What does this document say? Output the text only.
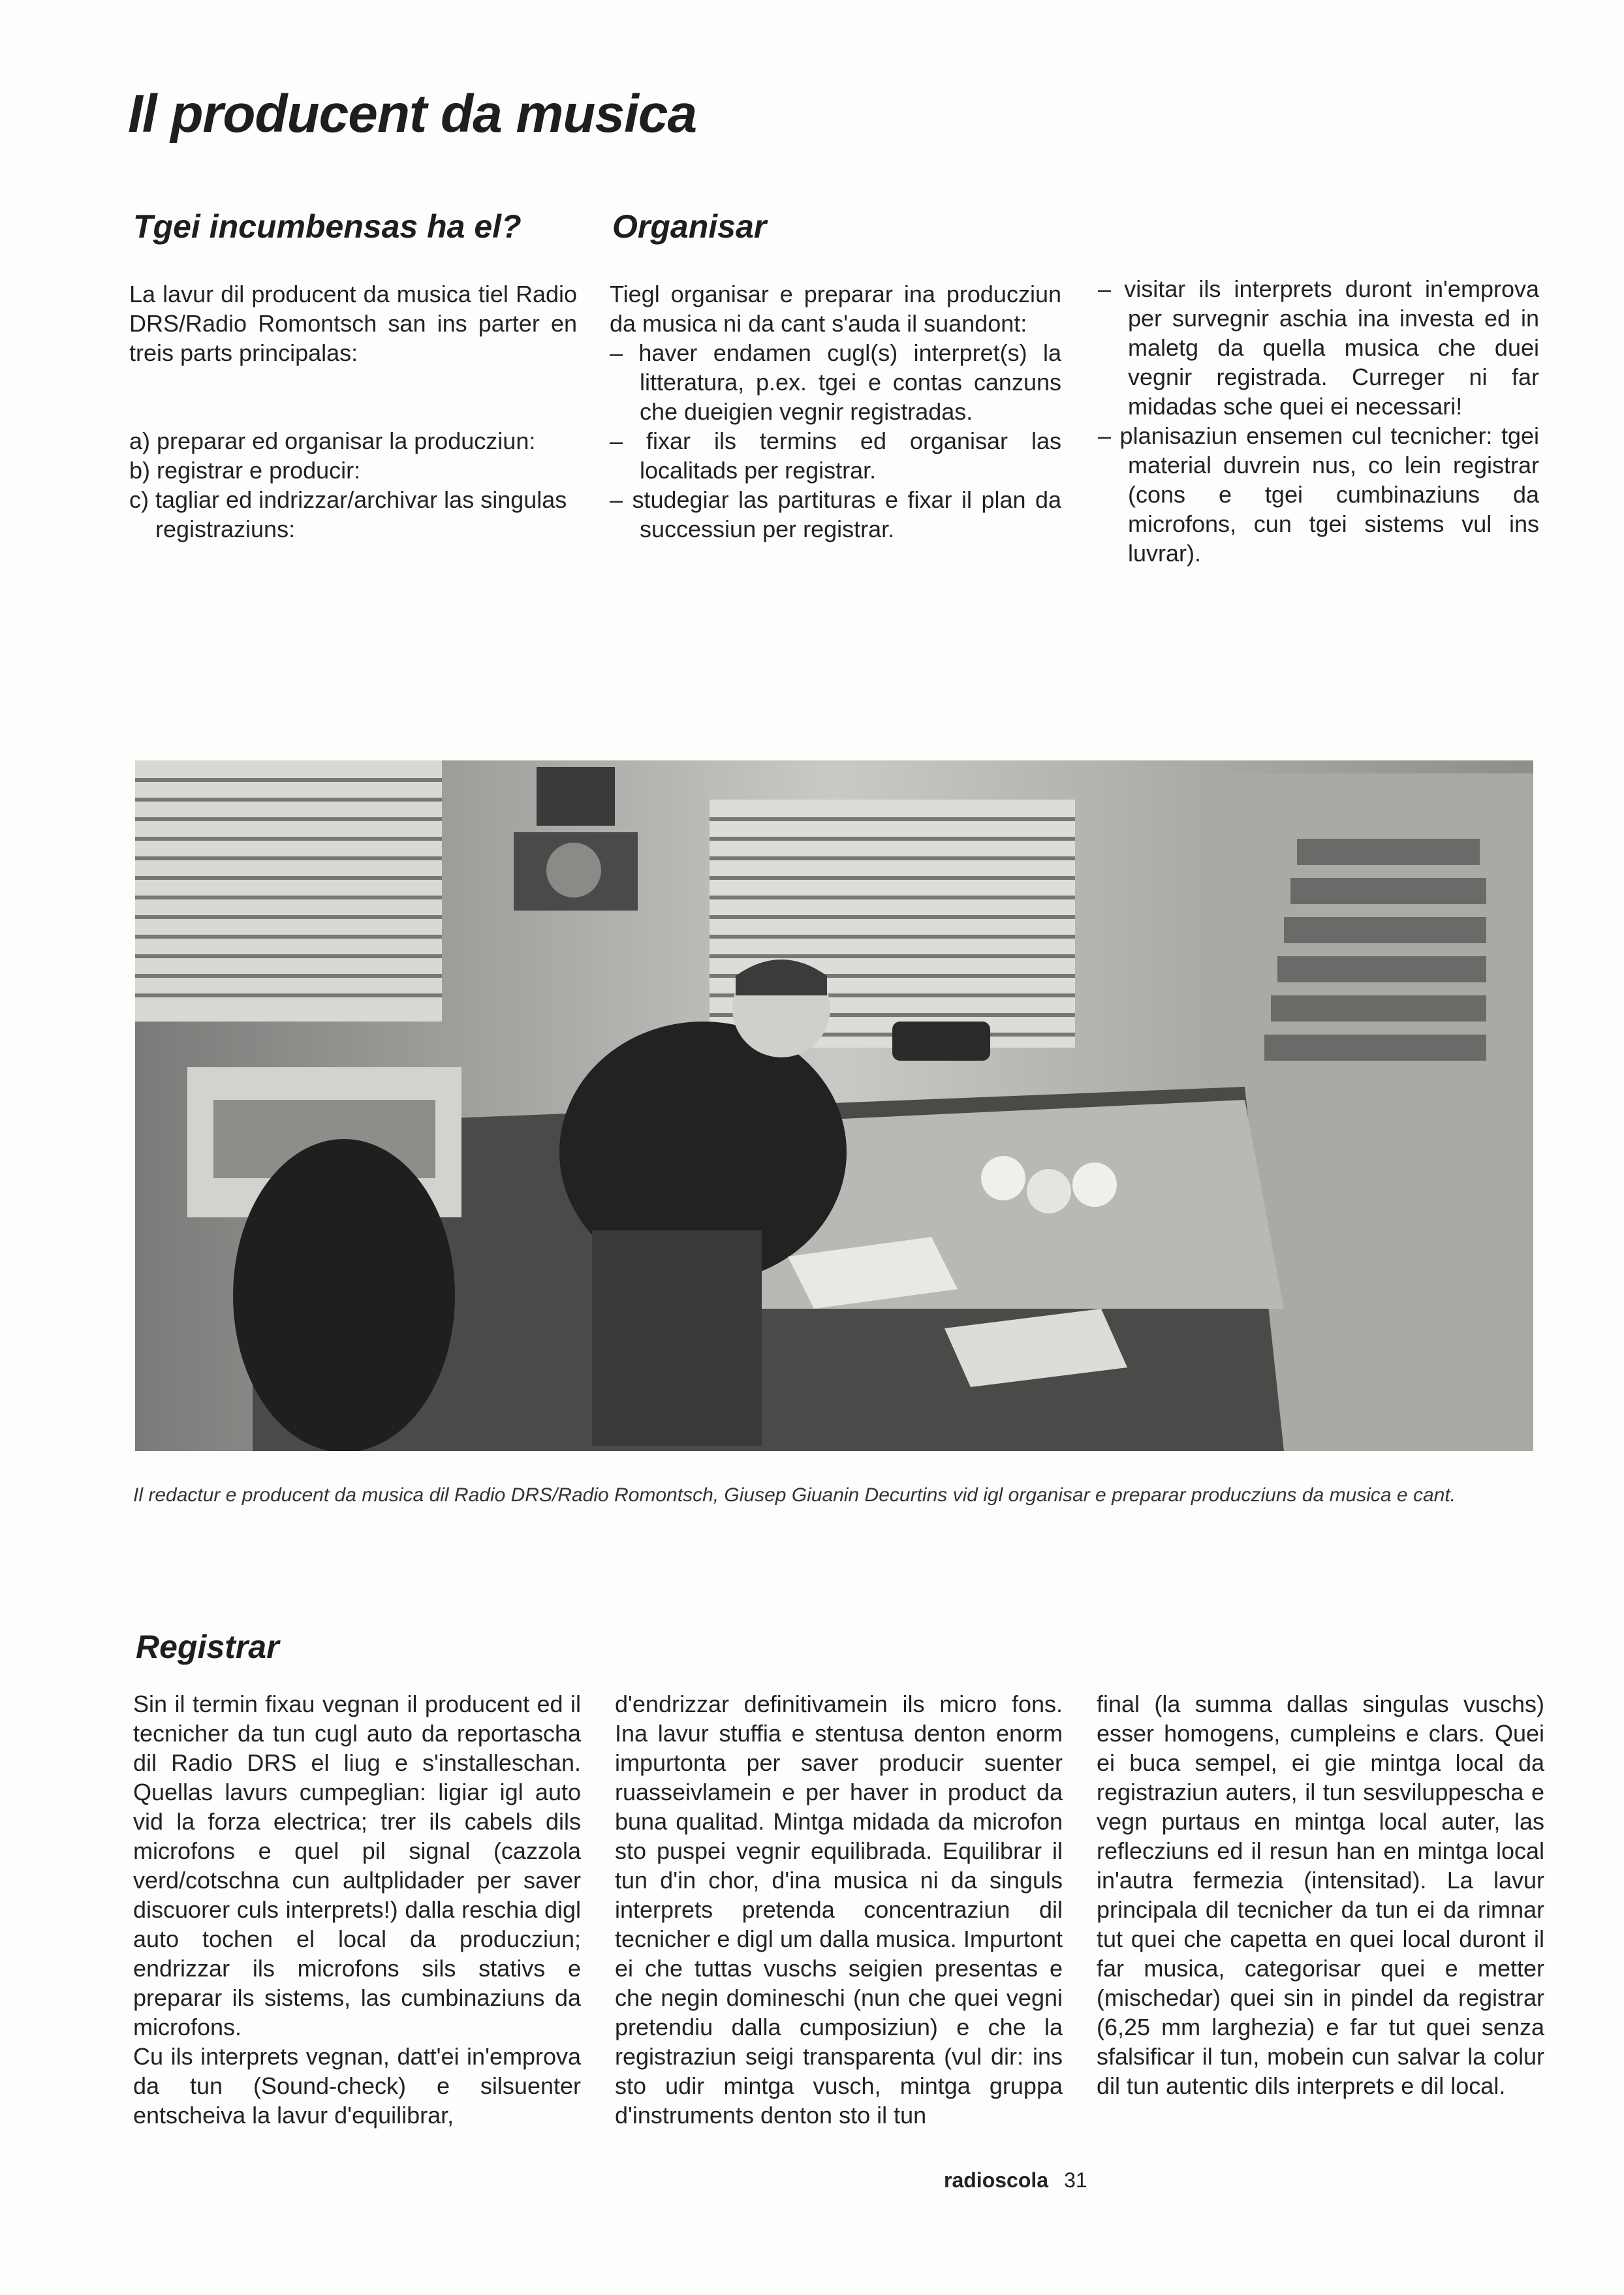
Il producent da musica
Tgei incumbensas ha el?

La lavur dil producent da musica tiel Radio DRS/Radio Romontsch san ins parter en treis parts principalas:

a) preparar ed organisar la producziun:
b) registrar e producir:
c) tagliar ed indrizzar/archivar las singulas registraziuns:
Organisar

Tiegl organisar e preparar ina producziun da musica ni da cant s'auda il suandont:

– haver endamen cugl(s) interpret(s) la litteratura, p.ex. tgei e contas canzuns che dueigien vegnir registradas.
– fixar ils termins ed organisar las localitads per registrar.
– studegiar las partituras e fixar il plan da successiun per registrar.
– visitar ils interprets duront in'emprova per survegnir aschia ina investa ed in maletg da quella musica che duei vegnir registrada. Curreger ni far midadas sche quei ei necessari!
– planisaziun ensemen cul tecnicher: tgei material duvrein nus, co lein registrar (cons e tgei cumbinaziuns da microfons, cun tgei sistems vul ins luvrar).

Il redactur e producent da musica dil Radio DRS/Radio Romontsch, Giusep Giuanin Decurtins vid igl organisar e preparar producziuns da musica e cant.

Registrar

Sin il termin fixau vegnan il producent ed il tecnicher da tun cugl auto da reportascha dil Radio DRS el liug e s'installeschan. Quellas lavurs cumpeglian: ligiar igl auto vid la forza electrica; trer ils cabels dils microfons e quel pil signal (cazzola verd/cotschna cun aultplidader per saver discuorer culs interprets!) dalla reschia digl auto tochen el local da producziun; endrizzar ils microfons sils stativs e preparar ils sistems, las cumbinaziuns da microfons.

Cu ils interprets vegnan, datt'ei in'emprova da tun (Sound-check) e silsuenter entscheiva la lavur d'equilibrar,

d'endrizzar definitivamein ils micro fons. Ina lavur stuffia e stentusa denton enorm impurtonta per saver producir suenter ruasseivlamein e per haver in product da buna qualitad. Mintga midada da microfon sto puspei vegnir equilibrada. Equilibrar il tun d'in chor, d'ina musica ni da singuls interprets pretenda concentraziun dil tecnicher e digl um dalla musica. Impurtont ei che tuttas vuschs seigien presentas e che negin domineschi (nun che quei vegni pretendiu dalla cumposiziun) e che la registraziun seigi transparenta (vul dir: ins sto udir mintga vusch, mintga gruppa d'instruments denton sto il tun

final (la summa dallas singulas vuschs) esser homogens, cumpleins e clars. Quei ei buca sempel, ei gie mintga local da registraziun auters, il tun sesviluppescha e vegn purtaus en mintga local auter, las reflecziuns ed il resun han en mintga local in'autra fermezia (intensitad). La lavur principala dil tecnicher da tun ei da rimnar tut quei che capetta en quei local duront il far musica, categorisar quei e metter (mischedar) quei sin in pindel da registrar (6,25 mm larghezia) e far tut quei senza sfalsificar il tun, mobein cun salvar la colur dil tun autentic dils interprets e dil local.

radioscola 31
